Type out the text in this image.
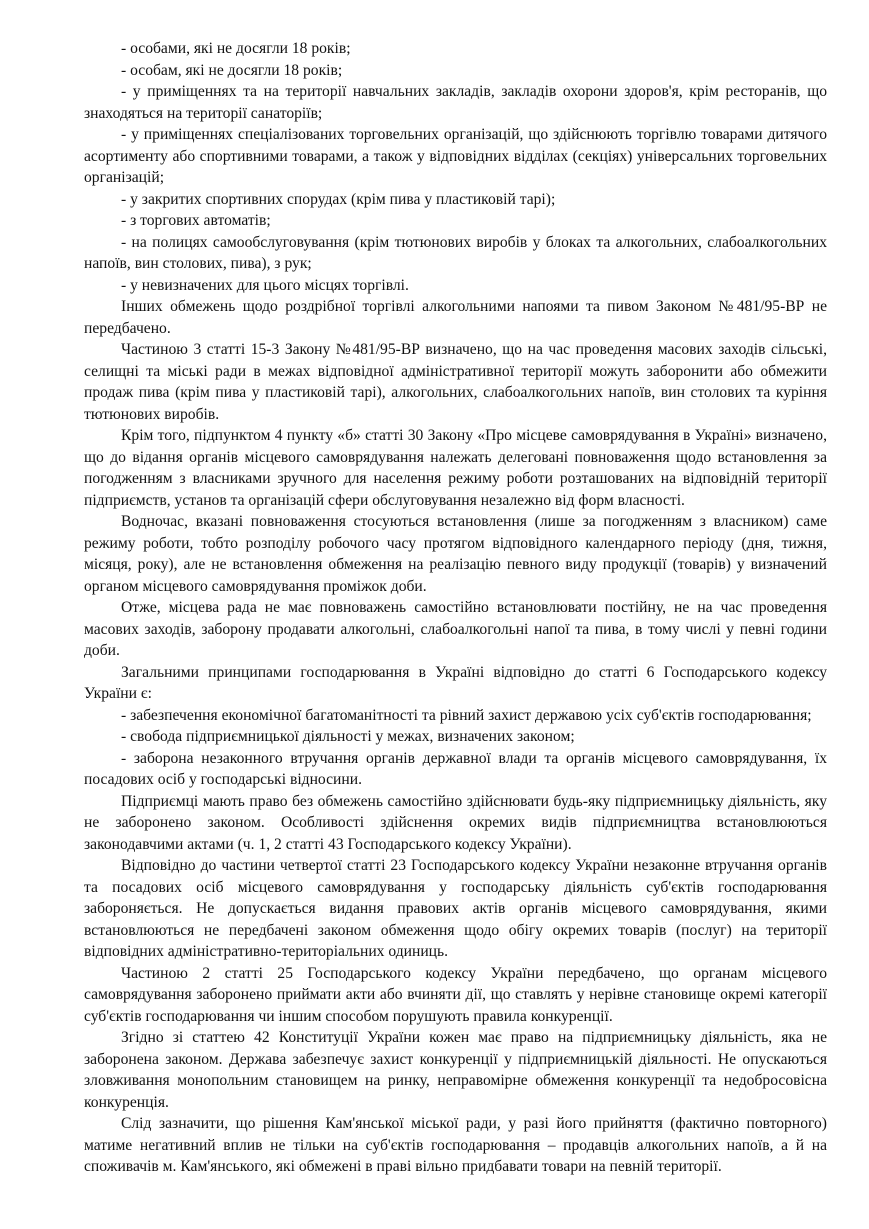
- особами, які не досягли 18 років;

- особам, які не досягли 18 років;

- у приміщеннях та на території навчальних закладів, закладів охорони здоров'я, крім ресторанів, що знаходяться на території санаторіїв;

- у приміщеннях спеціалізованих торговельних організацій, що здійснюють торгівлю товарами дитячого асортименту або спортивними товарами, а також у відповідних відділах (секціях) універсальних торговельних організацій;

- у закритих спортивних спорудах (крім пива у пластиковій тарі);

- з торгових автоматів;

- на полицях самообслуговування (крім тютюнових виробів у блоках та алкогольних, слабоалкогольних напоїв, вин столових, пива), з рук;

- у невизначених для цього місцях торгівлі.

Інших обмежень щодо роздрібної торгівлі алкогольними напоями та пивом Законом №481/95-ВР не передбачено.

Частиною 3 статті 15-3 Закону №481/95-ВР визначено, що на час проведення масових заходів сільські, селищні та міські ради в межах відповідної адміністративної території можуть заборонити або обмежити продаж пива (крім пива у пластиковій тарі), алкогольних, слабоалкогольних напоїв, вин столових та куріння тютюнових виробів.

Крім того, підпунктом 4 пункту «б» статті 30 Закону «Про місцеве самоврядування в Україні» визначено, що до відання органів місцевого самоврядування належать делеговані повноваження щодо встановлення за погодженням з власниками зручного для населення режиму роботи розташованих на відповідній території підприємств, установ та організацій сфери обслуговування незалежно від форм власності.

Водночас, вказані повноваження стосуються встановлення (лише за погодженням з власником) саме режиму роботи, тобто розподілу робочого часу протягом відповідного календарного періоду (дня, тижня, місяця, року), але не встановлення обмеження на реалізацію певного виду продукції (товарів) у визначений органом місцевого самоврядування проміжок доби.

Отже, місцева рада не має повноважень самостійно встановлювати постійну, не на час проведення масових заходів, заборону продавати алкогольні, слабоалкогольні напої та пива, в тому числі у певні години доби.

Загальними принципами господарювання в Україні відповідно до статті 6 Господарського кодексу України є:

- забезпечення економічної багатоманітності та рівний захист державою усіх суб'єктів господарювання;

- свобода підприємницької діяльності у межах, визначених законом;

- заборона незаконного втручання органів державної влади та органів місцевого самоврядування, їх посадових осіб у господарські відносини.

Підприємці мають право без обмежень самостійно здійснювати будь-яку підприємницьку діяльність, яку не заборонено законом. Особливості здійснення окремих видів підприємництва встановлюються законодавчими актами (ч. 1, 2 статті 43 Господарського кодексу України).

Відповідно до частини четвертої статті 23 Господарського кодексу України незаконне втручання органів та посадових осіб місцевого самоврядування у господарську діяльність суб'єктів господарювання забороняється. Не допускається видання правових актів органів місцевого самоврядування, якими встановлюються не передбачені законом обмеження щодо обігу окремих товарів (послуг) на території відповідних адміністративно-територіальних одиниць.

Частиною 2 статті 25 Господарського кодексу України передбачено, що органам місцевого самоврядування заборонено приймати акти або вчиняти дії, що ставлять у нерівне становище окремі категорії суб'єктів господарювання чи іншим способом порушують правила конкуренції.

Згідно зі статтею 42 Конституції України кожен має право на підприємницьку діяльність, яка не заборонена законом. Держава забезпечує захист конкуренції у підприємницькій діяльності. Не опускаються зловживання монопольним становищем на ринку, неправомірне обмеження конкуренції та недобросовісна конкуренція.

Слід зазначити, що рішення Кам'янської міської ради, у разі його прийняття (фактично повторного) матиме негативний вплив не тільки на суб'єктів господарювання – продавців алкогольних напоїв, а й на споживачів м. Кам'янського, які обмежені в праві вільно придбавати товари на певній території.
